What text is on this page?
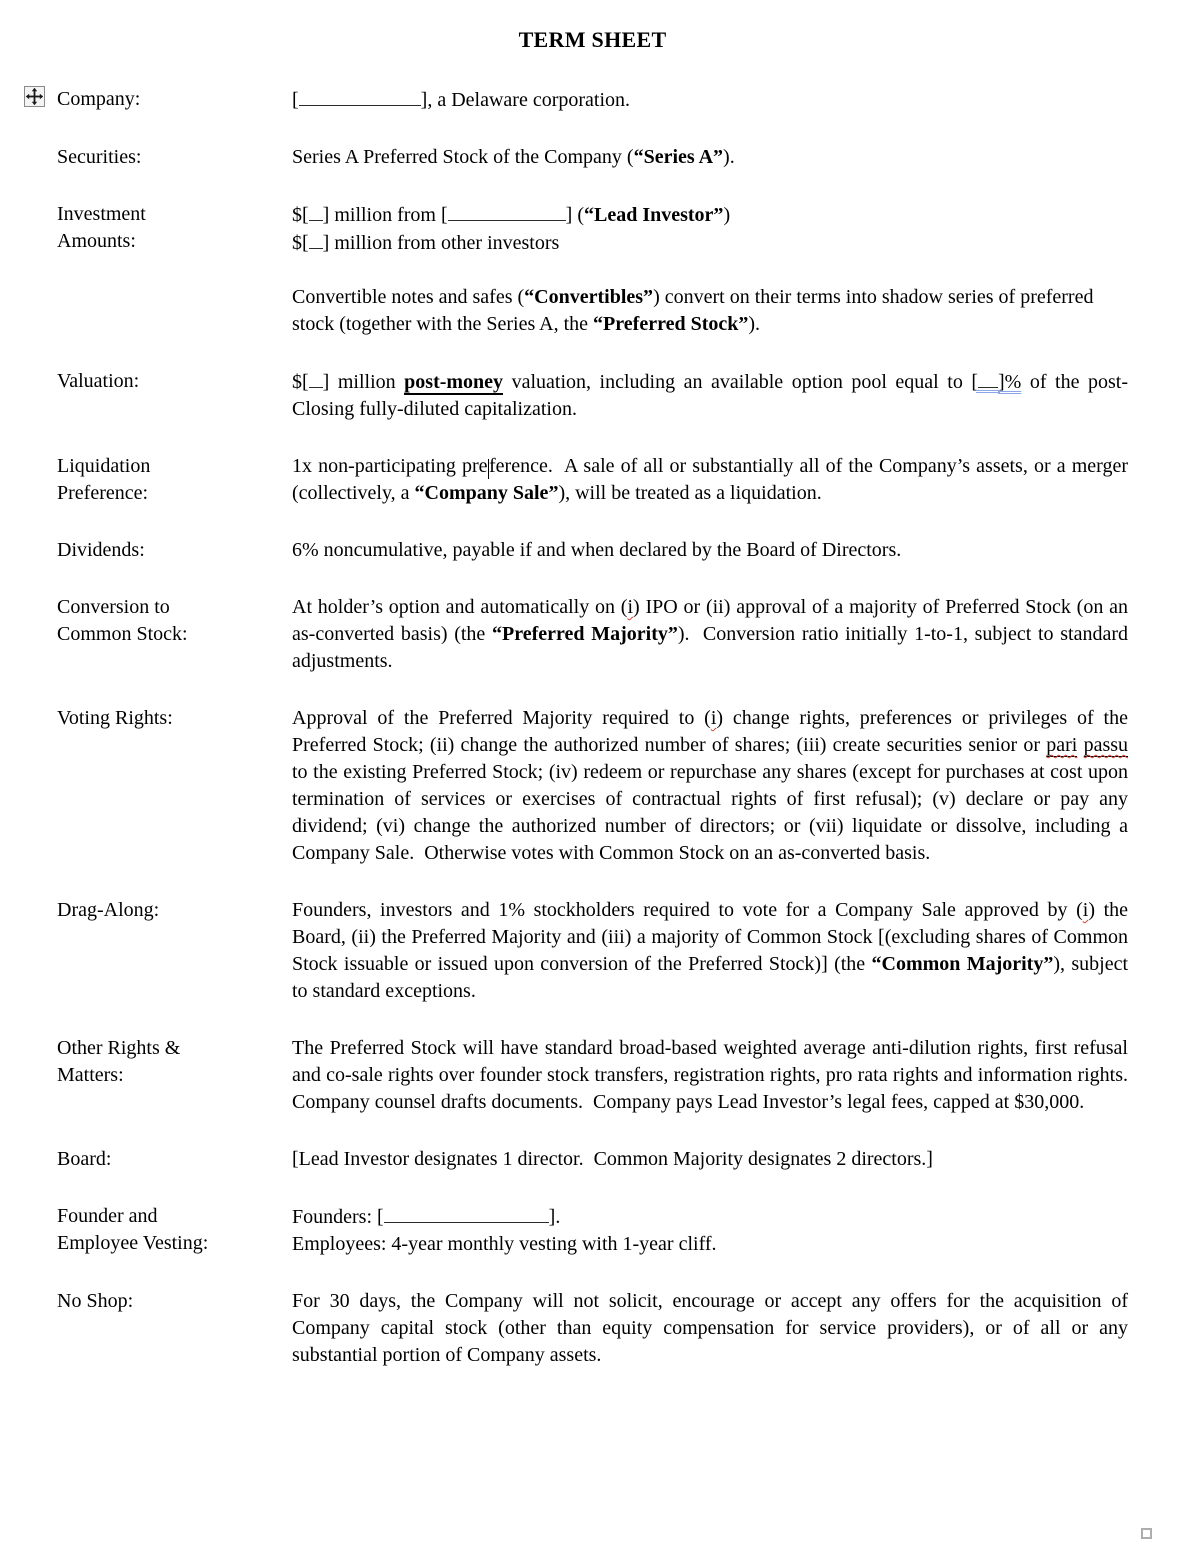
TERM SHEET
Company:	[	], a Delaware corporation.
Securities:	Series A Preferred Stock of the Company (“Series A”).
Investment
Amounts:
$[ ] million from [	] (“Lead Investor”)
$[ ] million from other investors
Convertible notes and safes (“Convertibles”) convert on their terms into shadow series of preferred stock (together with the Series A, the “Preferred Stock”).
Valuation:	$[ ] million post-money valuation, including an available option pool equal to [ ]% of the post-Closing fully-diluted capitalization.
Liquidation
Preference:
1x non-participating preference.  A sale of all or substantially all of the Company’s assets, or a merger (collectively, a “Company Sale”), will be treated as a liquidation.
Dividends:	6% noncumulative, payable if and when declared by the Board of Directors.
Conversion to
Common Stock:
At holder’s option and automatically on (i) IPO or (ii) approval of a majority of Preferred Stock (on an as-converted basis) (the “Preferred Majority”).  Conversion ratio initially 1-to-1, subject to standard adjustments.
Voting Rights:	Approval of the Preferred Majority required to (i) change rights, preferences or privileges of the Preferred Stock; (ii) change the authorized number of shares; (iii) create securities senior or pari passu to the existing Preferred Stock; (iv) redeem or repurchase any shares (except for purchases at cost upon termination of services or exercises of contractual rights of first refusal); (v) declare or pay any dividend; (vi) change the authorized number of directors; or (vii) liquidate or dissolve, including a Company Sale.  Otherwise votes with Common Stock on an as-converted basis.
Drag-Along:	Founders, investors and 1% stockholders required to vote for a Company Sale approved by (i) the Board, (ii) the Preferred Majority and (iii) a majority of Common Stock [(excluding shares of Common Stock issuable or issued upon conversion of the Preferred Stock)] (the “Common Majority”), subject to standard exceptions.
Other Rights &
Matters:
The Preferred Stock will have standard broad-based weighted average anti-dilution rights, first refusal and co-sale rights over founder stock transfers, registration rights, pro rata rights and information rights.  Company counsel drafts documents.  Company pays Lead Investor’s legal fees, capped at $30,000.
Board:	[Lead Investor designates 1 director.  Common Majority designates 2 directors.]
Founder and
Employee Vesting:
Founders: [	].
Employees: 4-year monthly vesting with 1-year cliff.
No Shop:	For 30 days, the Company will not solicit, encourage or accept any offers for the acquisition of Company capital stock (other than equity compensation for service providers), or of all or any substantial portion of Company assets.
